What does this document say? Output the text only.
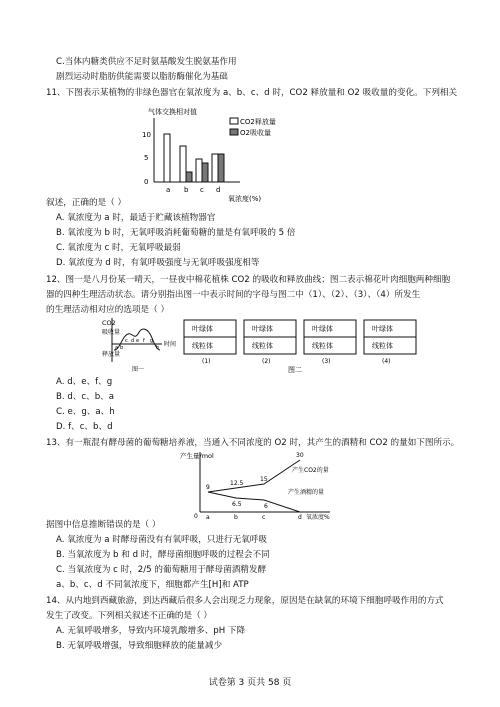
C.当体内糖类供应不足时氨基酸发生脱氨基作用
剧烈运动时脂肪供能需要以脂肪酶催化为基础
11、下图表示某植物的非绿色器官在氧浓度为 a、b、c、d 时，CO2 释放量和 O2 吸收量的变化。下列相关
气体交换相对值
0
5
10
a b c d
氧浓度(%)
CO2释放量
O2吸收量
叙述，正确的是（ ）
A. 氧浓度为 a 时，最适于贮藏该植物器官
B. 氧浓度为 b 时，无氧呼吸消耗葡萄糖的量是有氧呼吸的 5 倍
C. 氧浓度为 c 时，无氧呼吸最弱
D. 氧浓度为 d 时，有氧呼吸强度与无氧呼吸强度相等
12、图一是八月份某一晴天，一昼夜中棉花植株 CO2 的吸收和释放曲线；图二表示棉花叶肉细胞两种细胞
器的四种生理活动状态。请分别指出图一中表示时间的字母与图二中（1）、（2）、（3）、（4）所发生
的生理活动相对应的选项是（ ）
CO2
吸收量
释放量
时间
a b
c d e f g
h
图一
叶绿体
线粒体
(1)
叶绿体
线粒体
(2)
叶绿体
线粒体
(3)
叶绿体
线粒体
(4)
图二
A. d、e、f、g
B. d、c、b、a
C. e、g、a、h
D. f、c、b、d
13、有一瓶混有酵母菌的葡萄糖培养液，当通入不同浓度的 O2 时，其产生的酒精和 CO2 的量如下图所示。
产生量/mol
0
9
12.5
15
6.5	6
30
产生CO2的量
产生酒精的量
a	b	c	d 氧浓度%
据图中信息推断错误的是（ ）
A. 氧浓度为 a 时酵母菌没有有氧呼吸，只进行无氧呼吸
B. 当氧浓度为 b 和 d 时，酵母菌细胞呼吸的过程会不同
C. 当氧浓度为 c 时，2/5 的葡萄糖用于酵母菌酒精发酵
a、b、c、d 不同氧浓度下，细胞都产生[H]和 ATP
14、从内地到西藏旅游，到达西藏后很多人会出现乏力现象，原因是在缺氧的环境下细胞呼吸作用的方式
发生了改变。下列相关叙述不正确的是（ ）
A. 无氧呼吸增多，导致内环境乳酸增多、pH 下降
B. 无氧呼吸增强，导致细胞释放的能量减少
试卷第 3 页共 58 页
